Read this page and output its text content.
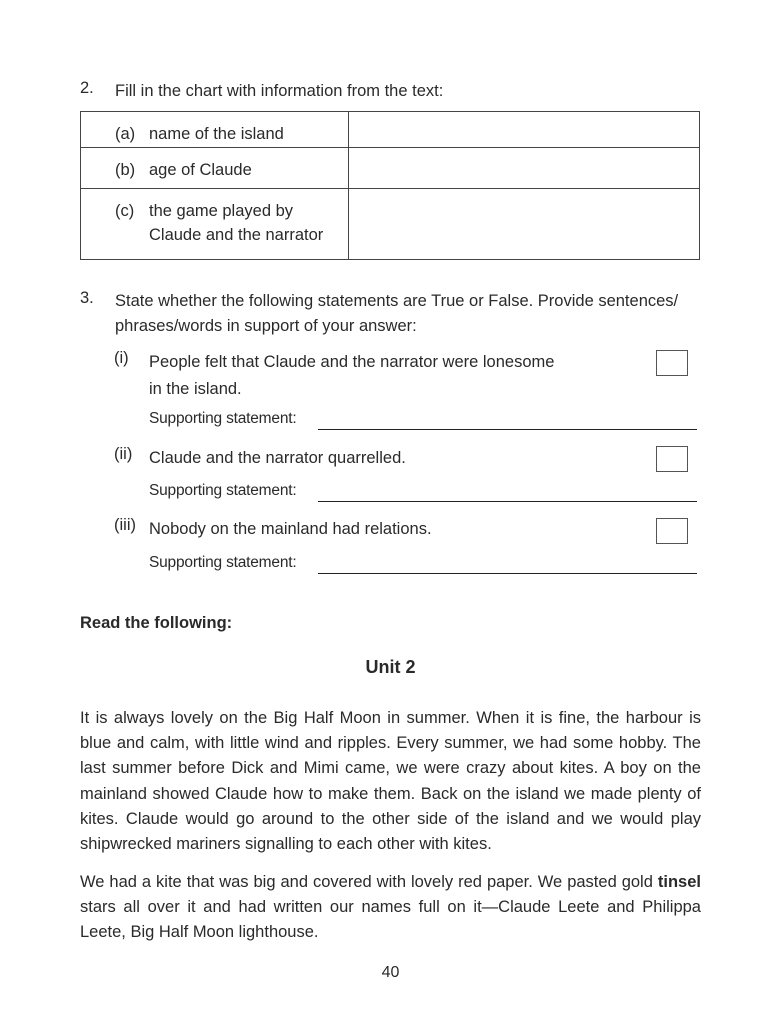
2. Fill in the chart with information from the text:
(a) name of the island	

(b) age of Claude	

(c) the game played by
Claude and the narrator	

3. State whether the following statements are True or False. Provide sentences/
phrases/words in support of your answer:
(i) People felt that Claude and the narrator were lonesome
in the island.
Supporting statement:
(ii) Claude and the narrator quarrelled.
Supporting statement:
(iii) Nobody on the mainland had relations.
Supporting statement:
Read the following:
Unit 2
It is always lovely on the Big Half Moon in summer. When it is fine, the harbour is blue and calm, with little wind and ripples. Every summer, we had some hobby. The last summer before Dick and Mimi came, we were crazy about kites. A boy on the mainland showed Claude how to make them. Back on the island we made plenty of kites. Claude would go around to the other side of the island and we would play shipwrecked mariners signalling to each other with kites.
We had a kite that was big and covered with lovely red paper. We pasted gold tinsel stars all over it and had written our names full on it—Claude Leete and Philippa Leete, Big Half Moon lighthouse.
40
